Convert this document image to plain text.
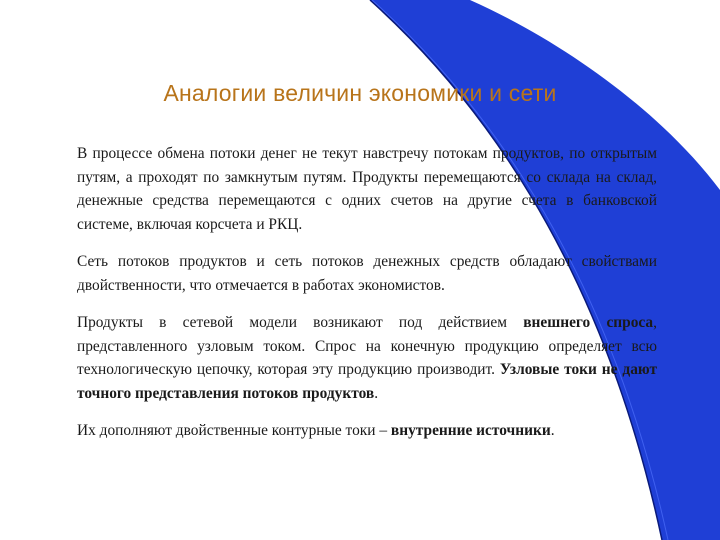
Аналогии величин экономики и сети

В процессе обмена потоки денег не текут навстречу потокам продуктов, по открытым путям, а проходят по замкнутым путям. Продукты перемещаются со склада на склад, денежные средства перемещаются с одних счетов на другие счета в банковской системе, включая корсчета и РКЦ.

Сеть потоков продуктов и сеть потоков денежных средств обладают свойствами двойственности, что отмечается в работах экономистов.

Продукты в сетевой модели возникают под действием внешнего спроса, представленного узловым током. Спрос на конечную продукцию определяет всю технологическую цепочку, которая эту продукцию производит. Узловые токи не дают точного представления потоков продуктов.

Их дополняют двойственные контурные токи – внутренние источники.
